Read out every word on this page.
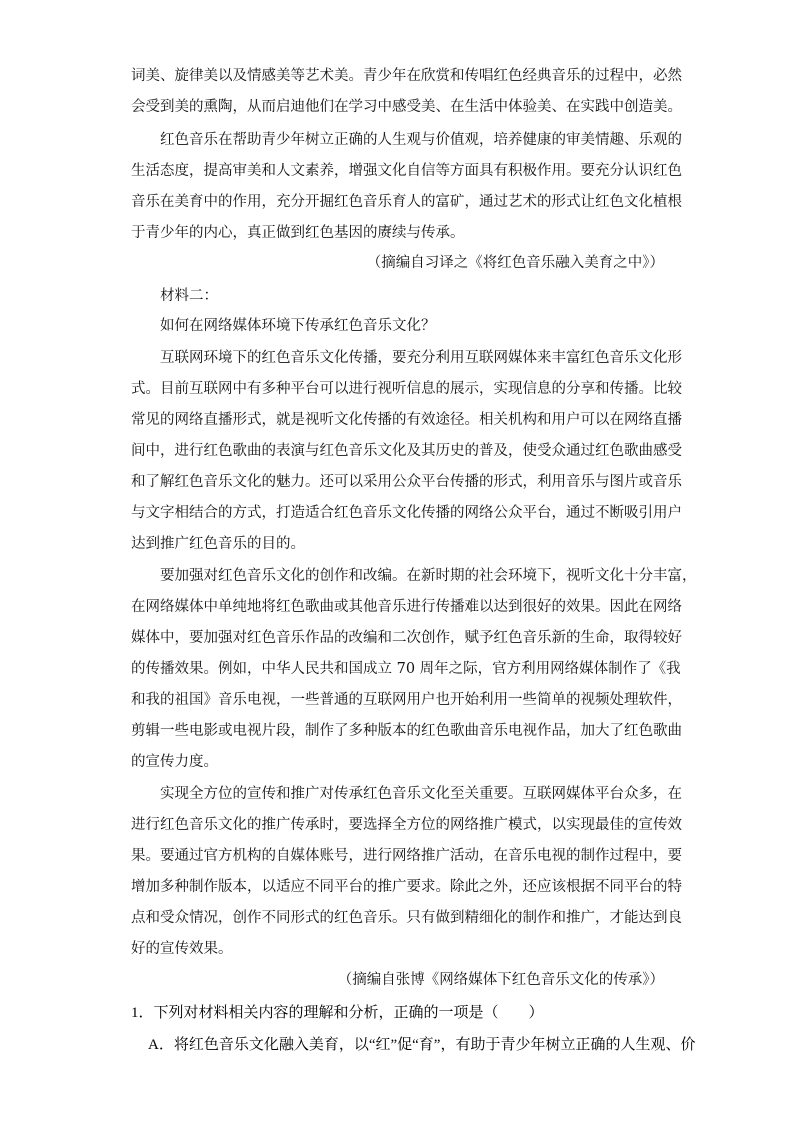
词美、旋律美以及情感美等艺术美。青少年在欣赏和传唱红色经典音乐的过程中，必然
会受到美的熏陶，从而启迪他们在学习中感受美、在生活中体验美、在实践中创造美。
红色音乐在帮助青少年树立正确的人生观与价值观，培养健康的审美情趣、乐观的
生活态度，提高审美和人文素养，增强文化自信等方面具有积极作用。要充分认识红色
音乐在美育中的作用，充分开掘红色音乐育人的富矿，通过艺术的形式让红色文化植根
于青少年的内心，真正做到红色基因的赓续与传承。
（摘编自习译之《将红色音乐融入美育之中》）
材料二：
如何在网络媒体环境下传承红色音乐文化？
互联网环境下的红色音乐文化传播，要充分利用互联网媒体来丰富红色音乐文化形
式。目前互联网中有多种平台可以进行视听信息的展示，实现信息的分享和传播。比较
常见的网络直播形式，就是视听文化传播的有效途径。相关机构和用户可以在网络直播
间中，进行红色歌曲的表演与红色音乐文化及其历史的普及，使受众通过红色歌曲感受
和了解红色音乐文化的魅力。还可以采用公众平台传播的形式，利用音乐与图片或音乐
与文字相结合的方式，打造适合红色音乐文化传播的网络公众平台，通过不断吸引用户
达到推广红色音乐的目的。
要加强对红色音乐文化的创作和改编。在新时期的社会环境下，视听文化十分丰富，
在网络媒体中单纯地将红色歌曲或其他音乐进行传播难以达到很好的效果。因此在网络
媒体中，要加强对红色音乐作品的改编和二次创作，赋予红色音乐新的生命，取得较好
的传播效果。例如，中华人民共和国成立 70 周年之际，官方利用网络媒体制作了《我
和我的祖国》音乐电视，一些普通的互联网用户也开始利用一些简单的视频处理软件，
剪辑一些电影或电视片段，制作了多种版本的红色歌曲音乐电视作品，加大了红色歌曲
的宣传力度。
实现全方位的宣传和推广对传承红色音乐文化至关重要。互联网媒体平台众多，在
进行红色音乐文化的推广传承时，要选择全方位的网络推广模式，以实现最佳的宣传效
果。要通过官方机构的自媒体账号，进行网络推广活动，在音乐电视的制作过程中，要
增加多种制作版本，以适应不同平台的推广要求。除此之外，还应该根据不同平台的特
点和受众情况，创作不同形式的红色音乐。只有做到精细化的制作和推广，才能达到良
好的宣传效果。
（摘编自张博《网络媒体下红色音乐文化的传承》）
1．下列对材料相关内容的理解和分析，正确的一项是（　　）
A．将红色音乐文化融入美育，以“红”促“育”，有助于青少年树立正确的人生观、价
